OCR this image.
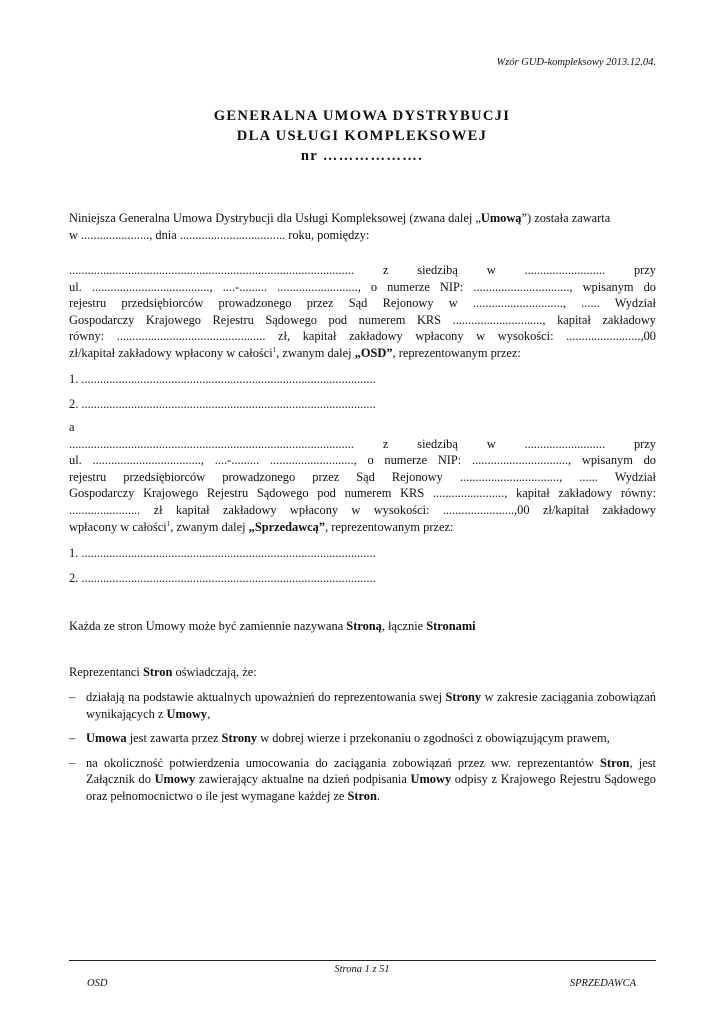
Wzór GUD-kompleksowy 2013.12.04.
GENERALNA UMOWA DYSTRYBUCJI
DLA USŁUGI KOMPLEKSOWEJ
nr ……………….

Niniejsza Generalna Umowa Dystrybucji dla Usługi Kompleksowej (zwana dalej „Umową”) została zawarta

w ......................, dnia .................................. roku, pomiędzy:

............................................................................................ z siedzibą w .......................... przy
ul. ......................................, ....-......... .........................., o numerze NIP: ..............................., wpisanym do
rejestru przedsiębiorców prowadzonego przez Sąd Rejonowy w ............................., ...... Wydział
Gospodarczy Krajowego Rejestru Sądowego pod numerem KRS ............................., kapitał zakładowy
równy: ................................................ zł, kapitał zakładowy wpłacony w wysokości: ........................,00

zł/kapitał zakładowy wpłacony w całości$^1$, zwanym dalej „OSD”, reprezentowanym przez:

1. ...............................................................................................
2. ...............................................................................................

a

............................................................................................ z siedzibą w .......................... przy
ul. ..................................., ....-......... ..........................., o numerze NIP: ..............................., wpisanym do
rejestru przedsiębiorców prowadzonego przez Sąd Rejonowy ................................, ...... Wydział
Gospodarczy Krajowego Rejestru Sądowego pod numerem KRS ......................., kapitał zakładowy równy:
....................... zł kapitał zakładowy wpłacony w wysokości: .......................,00 zł/kapitał zakładowy

wpłacony w całości$^1$, zwanym dalej „Sprzedawcą”, reprezentowanym przez:

1. ...............................................................................................
2. ...............................................................................................

Każda ze stron Umowy może być zamiennie nazywana Stroną, łącznie Stronami

Reprezentanci Stron oświadczają, że:

– działają na podstawie aktualnych upoważnień do reprezentowania swej Strony w zakresie zaciągania zobowiązań wynikających z Umowy,
– Umowa jest zawarta przez Strony w dobrej wierze i przekonaniu o zgodności z obowiązującym prawem,
– na okoliczność potwierdzenia umocowania do zaciągania zobowiązań przez ww. reprezentantów Stron, jest Załącznik do Umowy zawierający aktualne na dzień podpisania Umowy odpisy z Krajowego Rejestru Sądowego oraz pełnomocnictwo o ile jest wymagane każdej ze Stron.
Strona 1 z 51
OSD	SPRZEDAWCA
